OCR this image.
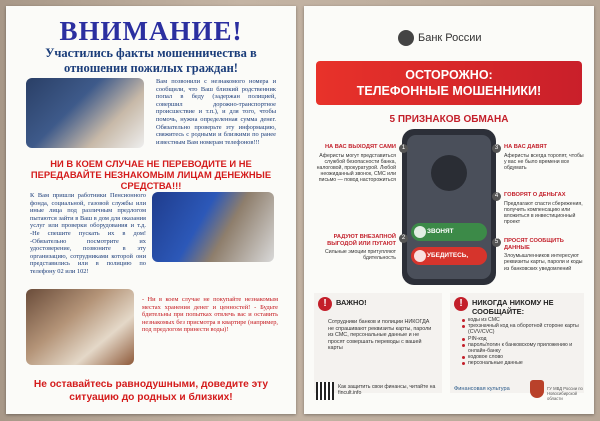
ВНИМАНИЕ!
Участились факты мошенничества в отношении пожилых граждан!
Вам позвонили с незнакомого номера и сообщили, что Ваш близкий родственник попал в беду (задержан полицией, совершил дорожно-транспортное происшествие и т.п.), и для того, чтобы помочь, нужна определенная сумма денег. Обязательно проверьте эту информацию, свяжитесь с родными и близкими по ранее известным Вам номерам телефонов!!!
НИ В КОЕМ СЛУЧАЕ НЕ ПЕРЕВОДИТЕ И НЕ ПЕРЕДАВАЙТЕ НЕЗНАКОМЫМ ЛИЦАМ ДЕНЕЖНЫЕ СРЕДСТВА!!!
К Вам пришли работники Пенсионного фонда, социальной, газовой службы или иные лица под различным предлогом пытаются зайти в Ваш в дом для оказания услуг или проверки оборудования и т.д. -Не спешите пускать их в дом! -Обязательно посмотрите их удостоверение, позвоните в эту организацию, сотрудниками которой они представились или в полицию по телефону 02 или 102!
- Ни в коем случае не покупайте незнакомым местах хранения денег и ценностей! - Будьте бдительны при попытках отвлечь вас и оставить незнакомых без присмотра в квартире (например, под предлогом принести воды)!
Не оставайтесь равнодушными, доведите эту ситуацию до родных и близких!
Банк России
ОСТОРОЖНО:
ТЕЛЕФОННЫЕ МОШЕННИКИ!
5 ПРИЗНАКОВ ОБМАНА
ЗВОНЯТ
УБЕДИТЕСЬ,
1
НА ВАС ВЫХОДЯТ САМИ
Аферисты могут представиться службой безопасности банка, налоговой, прокуратурой. Любой неожиданный звонок, СМС или письмо — повод насторожиться
3	НА ВАС ДАВЯТ
Аферисты всегда торопят, чтобы у вас не было времени все обдумать
4	ГОВОРЯТ О ДЕНЬГАХ
Предлагают спасти сбережения, получить компенсацию или вложиться в инвестиционный проект
2
РАДУЮТ ВНЕЗАПНОЙ ВЫГОДОЙ ИЛИ ПУГАЮТ
Сильные эмоции притупляют бдительность
5	ПРОСЯТ СООБЩИТЬ ДАННЫЕ
Злоумышленников интересуют реквизиты карты, пароли и коды из банковских уведомлений
!	ВАЖНО!
Сотрудники банков и полиции НИКОГДА не спрашивают реквизиты карты, пароли из СМС, персональные данные и не просят совершать переводы с вашей карты
!	НИКОГДА НИКОМУ НЕ СООБЩАЙТЕ:
коды из СМС
трехзначный код на оборотной стороне карты (CVV/CVC)
PIN-код
пароль/логин к банковскому приложению и онлайн-банку
кодовое слово
персональные данные
Как защитить свои финансы, читайте на fincult.info
Финансовая культура	ГУ МВД России по Новосибирской области
